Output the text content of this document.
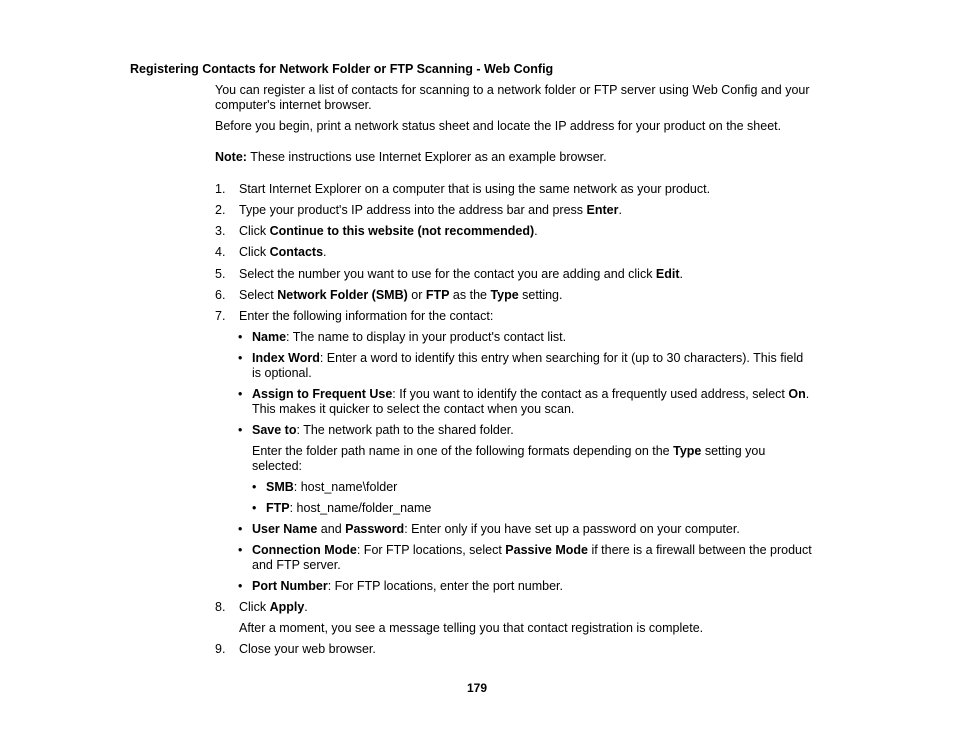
Registering Contacts for Network Folder or FTP Scanning - Web Config
You can register a list of contacts for scanning to a network folder or FTP server using Web Config and your computer's internet browser.
Before you begin, print a network status sheet and locate the IP address for your product on the sheet.
Note: These instructions use Internet Explorer as an example browser.
1.	Start Internet Explorer on a computer that is using the same network as your product.
2.	Type your product's IP address into the address bar and press Enter.
3.	Click Continue to this website (not recommended).
4.	Click Contacts.
5.	Select the number you want to use for the contact you are adding and click Edit.
6.	Select Network Folder (SMB) or FTP as the Type setting.
7.	Enter the following information for the contact:
• Name: The name to display in your product's contact list.
• Index Word: Enter a word to identify this entry when searching for it (up to 30 characters). This field is optional.
• Assign to Frequent Use: If you want to identify the contact as a frequently used address, select On. This makes it quicker to select the contact when you scan.
• Save to: The network path to the shared folder.
Enter the folder path name in one of the following formats depending on the Type setting you selected:
• SMB: host_name\folder
• FTP: host_name/folder_name
• User Name and Password: Enter only if you have set up a password on your computer.
• Connection Mode: For FTP locations, select Passive Mode if there is a firewall between the product and FTP server.
• Port Number: For FTP locations, enter the port number.
8.	Click Apply.
After a moment, you see a message telling you that contact registration is complete.
9.	Close your web browser.
179
